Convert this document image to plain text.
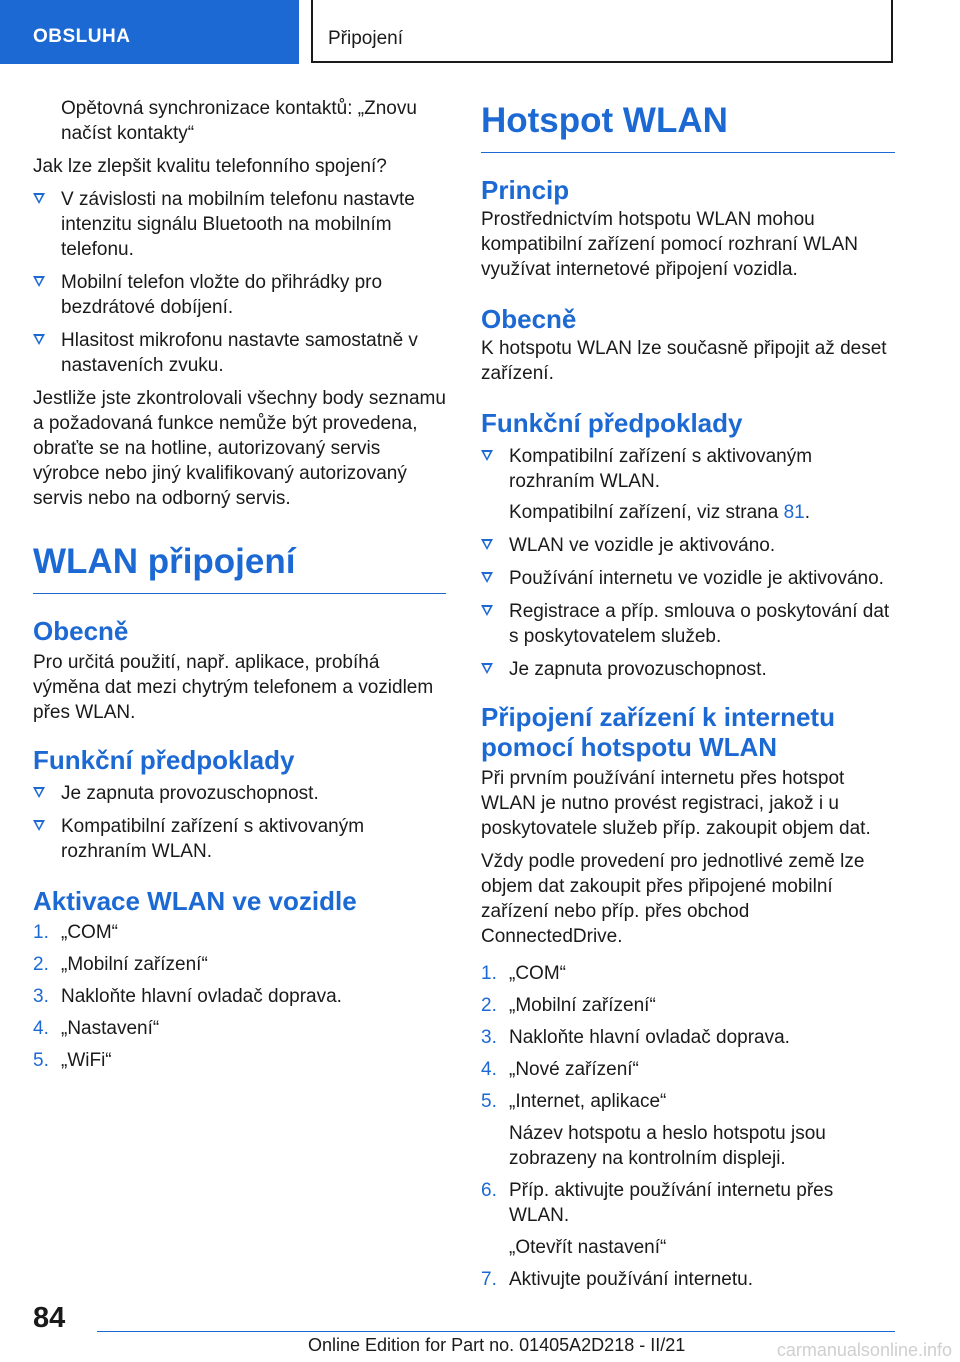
OBSLUHA	Připojení
Opětovná synchronizace kontaktů: „Znovu načíst kontakty“

Jak lze zlepšit kvalitu telefonního spojení?

V závislosti na mobilním telefonu nastavte intenzitu signálu Bluetooth na mobilním telefonu.
Mobilní telefon vložte do přihrádky pro bezdrátové dobíjení.
Hlasitost mikrofonu nastavte samostatně v nastaveních zvuku.

Jestliže jste zkontrolovali všechny body seznamu a požadovaná funkce nemůže být provedena, obraťte se na hotline, autorizovaný servis výrobce nebo jiný kvalifikovaný autorizovaný servis nebo na odborný servis.

WLAN připojení
Obecně

Pro určitá použití, např. aplikace, probíhá výměna dat mezi chytrým telefonem a vozidlem přes WLAN.

Funkční předpoklady
Je zapnuta provozuschopnost.
Kompatibilní zařízení s aktivovaným rozhraním WLAN.
Aktivace WLAN ve vozidle
1. „COM“
2. „Mobilní zařízení“
3. Nakloňte hlavní ovladač doprava.
4. „Nastavení“
5. „WiFi“
Hotspot WLAN
Princip

Prostřednictvím hotspotu WLAN mohou kompatibilní zařízení pomocí rozhraní WLAN využívat internetové připojení vozidla.

Obecně

K hotspotu WLAN lze současně připojit až deset zařízení.

Funkční předpoklady
Kompatibilní zařízení s aktivovaným rozhraním WLAN.
Kompatibilní zařízení, viz strana 81.
WLAN ve vozidle je aktivováno.
Používání internetu ve vozidle je aktivováno.
Registrace a příp. smlouva o poskytování dat s poskytovatelem služeb.
Je zapnuta provozuschopnost.
Připojení zařízení k internetu pomocí hotspotu WLAN

Při prvním používání internetu přes hotspot WLAN je nutno provést registraci, jakož i u poskytovatele služeb příp. zakoupit objem dat.

Vždy podle provedení pro jednotlivé země lze objem dat zakoupit přes připojené mobilní zařízení nebo příp. přes obchod ConnectedDrive.

1. „COM“
2. „Mobilní zařízení“
3. Nakloňte hlavní ovladač doprava.
4. „Nové zařízení“
5. „Internet, aplikace“
Název hotspotu a heslo hotspotu jsou zobrazeny na kontrolním displeji.
6. Příp. aktivujte používání internetu přes WLAN.
„Otevřít nastavení“
7. Aktivujte používání internetu.
84
Online Edition for Part no. 01405A2D218 - II/21	carmanualsonline.info
